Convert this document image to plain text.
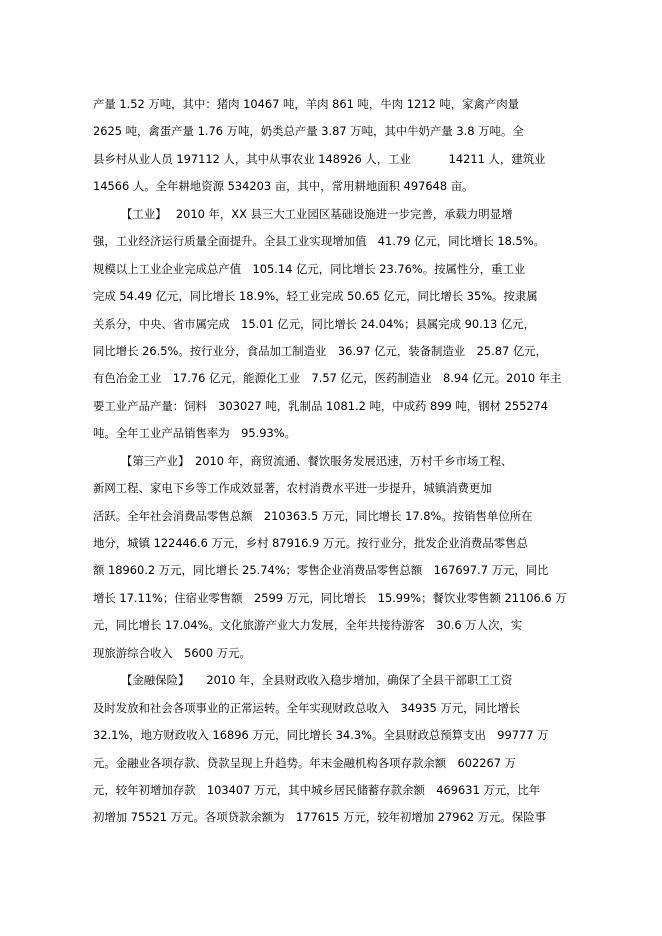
产量 1.52 万吨，其中：猪肉 10467 吨，羊肉 861 吨，牛肉 1212 吨，家禽产肉量
2625 吨，禽蛋产量 1.76 万吨，奶类总产量 3.87 万吨，其中牛奶产量 3.8 万吨。全
县乡村从业人员 197112 人，其中从事农业 148926 人，工业 　　　14211 人，建筑业
14566 人。全年耕地资源 534203 亩，其中，常用耕地面积 497648 亩。
【工业】　 2010 年，XX 县三大工业园区基础设施进一步完善，承载力明显增
强，工业经济运行质量全面提升。全县工业实现增加值　41.79 亿元，同比增长 18.5%。
规模以上工业企业完成总产值　105.14 亿元，同比增长 23.76%。按属性分，重工业
完成 54.49 亿元，同比增长 18.9%，轻工业完成 50.65 亿元，同比增长 35%。按隶属
关系分，中央、省市属完成　15.01 亿元，同比增长 24.04%；县属完成 90.13 亿元，
同比增长 26.5%。按行业分，食品加工制造业　36.97 亿元，装备制造业　25.87 亿元，
有色冶金工业　17.76 亿元，能源化工业　7.57 亿元，医药制造业　8.94 亿元。2010 年主
要工业产品产量：饲料　303027 吨，乳制品 1081.2 吨，中成药 899 吨，钢材 255274
吨。全年工业产品销售率为　95.93%。
【第三产业】　2010 年，商贸流通、餐饮服务发展迅速，万村千乡市场工程、
新网工程、家电下乡等工作成效显著，农村消费水平进一步提升，城镇消费更加
活跃。全年社会消费品零售总额　210363.5 万元，同比增长 17.8%。按销售单位所在
地分，城镇 122446.6 万元，乡村 87916.9 万元。按行业分，批发企业消费品零售总
额 18960.2 万元，同比增长 25.74%；零售企业消费品零售总额　167697.7 万元，同比
增长 17.11%；住宿业零售额　2599 万元，同比增长　15.99%；餐饮业零售额 21106.6 万
元，同比增长 17.04%。文化旅游产业大力发展，全年共接待游客　30.6 万人次，实
现旅游综合收入　5600 万元。
【金融保险】　　2010 年，全县财政收入稳步增加，确保了全县干部职工工资
及时发放和社会各项事业的正常运转。全年实现财政总收入　34935 万元，同比增长
32.1%，地方财政收入 16896 万元，同比增长 34.3%。全县财政总预算支出　99777 万
元。金融业各项存款、贷款呈现上升趋势。年末金融机构各项存款余额　602267 万
元，较年初增加存款　103407 万元，其中城乡居民储蓄存款余额　469631 万元，比年
初增加 75521 万元。各项贷款余额为　177615 万元，较年初增加 27962 万元。保险事
